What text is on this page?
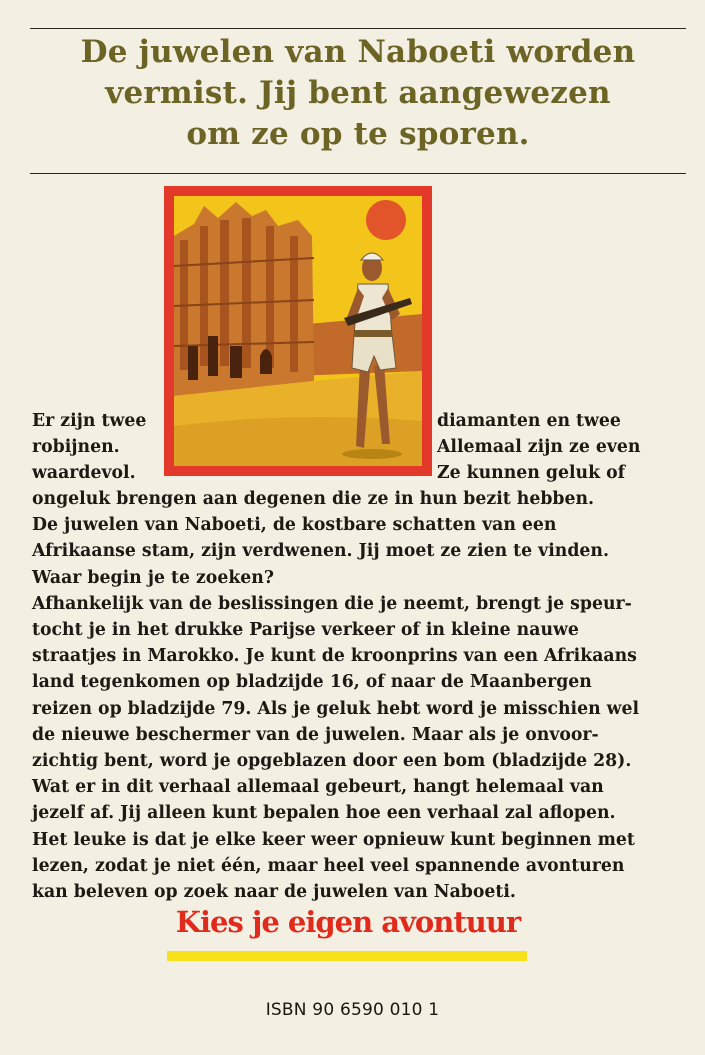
De juwelen van Naboeti worden
vermist. Jij bent aangewezen
om ze op te sporen.
Er zijn twee
robijnen.
waardevol.
diamanten en twee
Allemaal zijn ze even
Ze kunnen geluk of
ongeluk brengen aan degenen die ze in hun bezit hebben.
De juwelen van Naboeti, de kostbare schatten van een
Afrikaanse stam, zijn verdwenen. Jij moet ze zien te vinden.
Waar begin je te zoeken?
Afhankelijk van de beslissingen die je neemt, brengt je speur-
tocht je in het drukke Parijse verkeer of in kleine nauwe
straatjes in Marokko. Je kunt de kroonprins van een Afrikaans
land tegenkomen op bladzijde 16, of naar de Maanbergen
reizen op bladzijde 79. Als je geluk hebt word je misschien wel
de nieuwe beschermer van de juwelen. Maar als je onvoor-
zichtig bent, word je opgeblazen door een bom (bladzijde 28).
Wat er in dit verhaal allemaal gebeurt, hangt helemaal van
jezelf af. Jij alleen kunt bepalen hoe een verhaal zal aflopen.
Het leuke is dat je elke keer weer opnieuw kunt beginnen met
lezen, zodat je niet één, maar heel veel spannende avonturen
kan beleven op zoek naar de juwelen van Naboeti.
Kies je eigen avontuur
ISBN 90 6590 010 1
